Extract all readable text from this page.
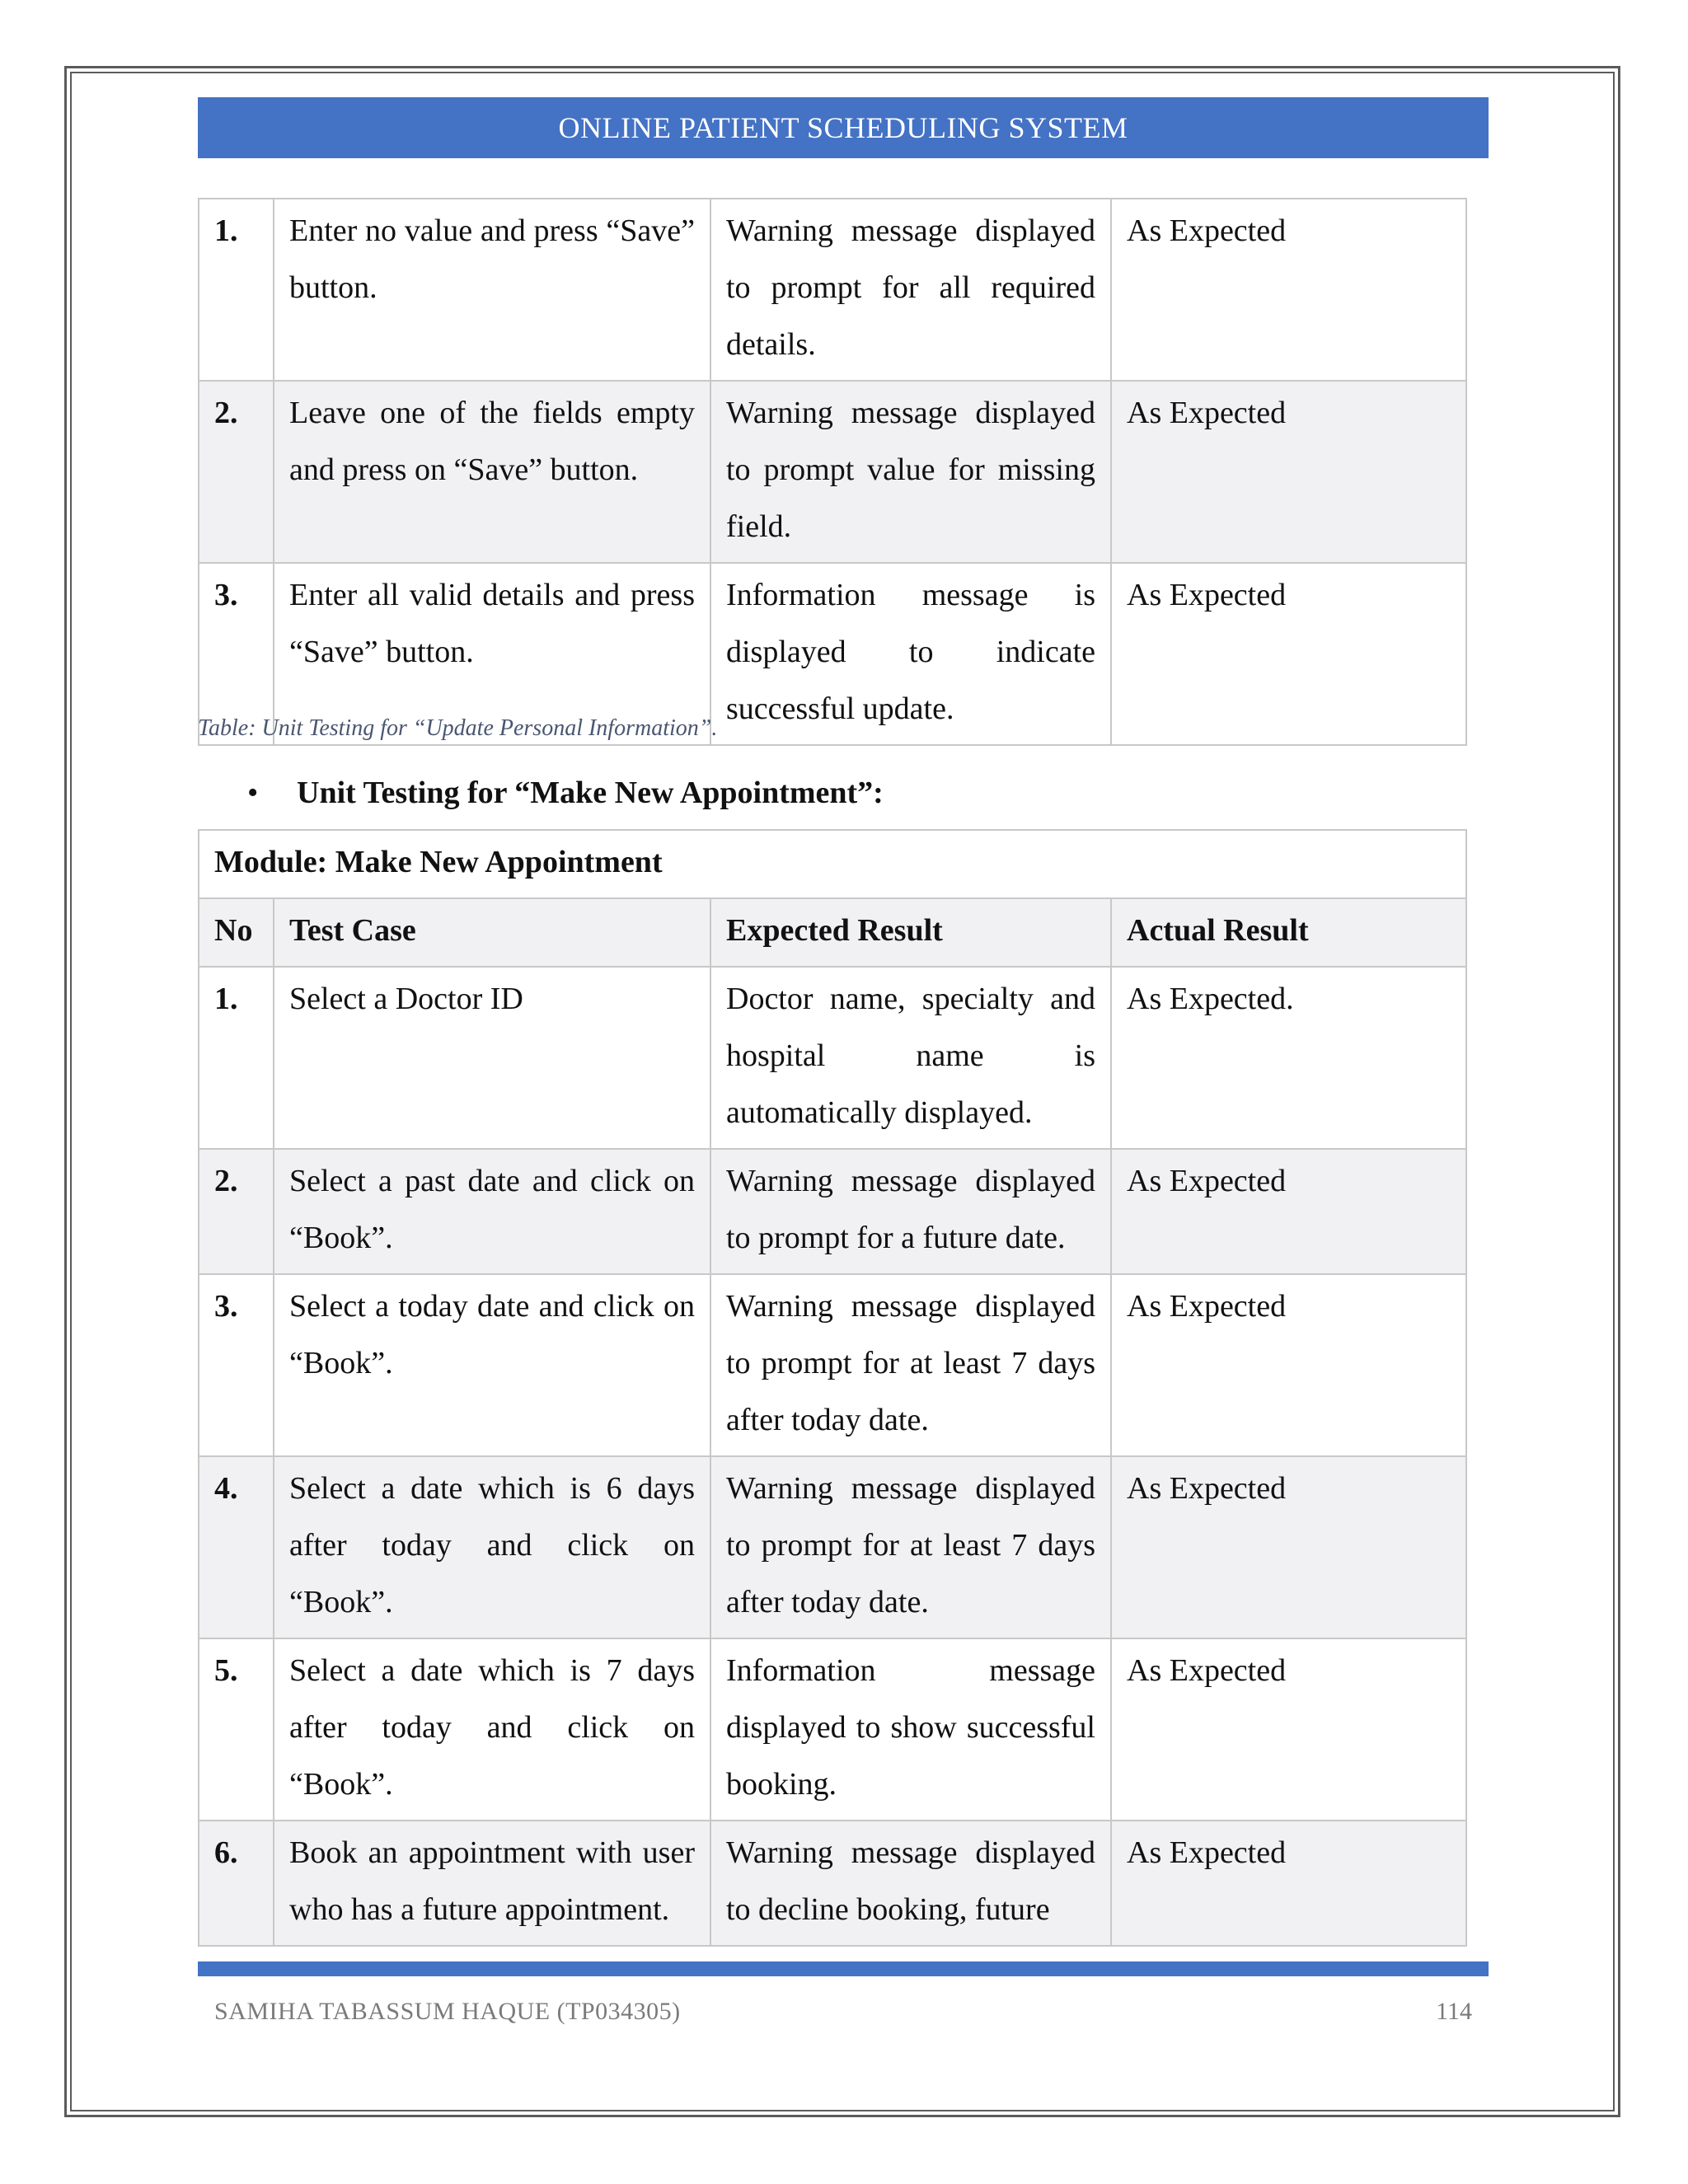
ONLINE PATIENT SCHEDULING SYSTEM
1.	Enter no value and press “Save” button.	Warning message displayed to prompt for all required details.	As Expected
2.	Leave one of the fields empty and press on “Save” button.	Warning message displayed to prompt value for missing field.	As Expected
3.	Enter all valid details and press “Save” button.	Information message is displayed to indicate successful update.	As Expected
Table: Unit Testing for “Update Personal Information”.
• Unit Testing for “Make New Appointment”:
Module: Make New Appointment			
No	Test Case	Expected Result	Actual Result
1.	Select a Doctor ID	Doctor name, specialty and hospital name is automatically displayed.	As Expected.
2.	Select a past date and click on “Book”.	Warning message displayed to prompt for a future date.	As Expected
3.	Select a today date and click on “Book”.	Warning message displayed to prompt for at least 7 days after today date.	As Expected
4.	Select a date which is 6 days after today and click on “Book”.	Warning message displayed to prompt for at least 7 days after today date.	As Expected
5.	Select a date which is 7 days after today and click on “Book”.	Information message displayed to show successful booking.	As Expected
6.	Book an appointment with user who has a future appointment.	Warning message displayed to decline booking, future	As Expected
SAMIHA TABASSUM HAQUE (TP034305)	114
